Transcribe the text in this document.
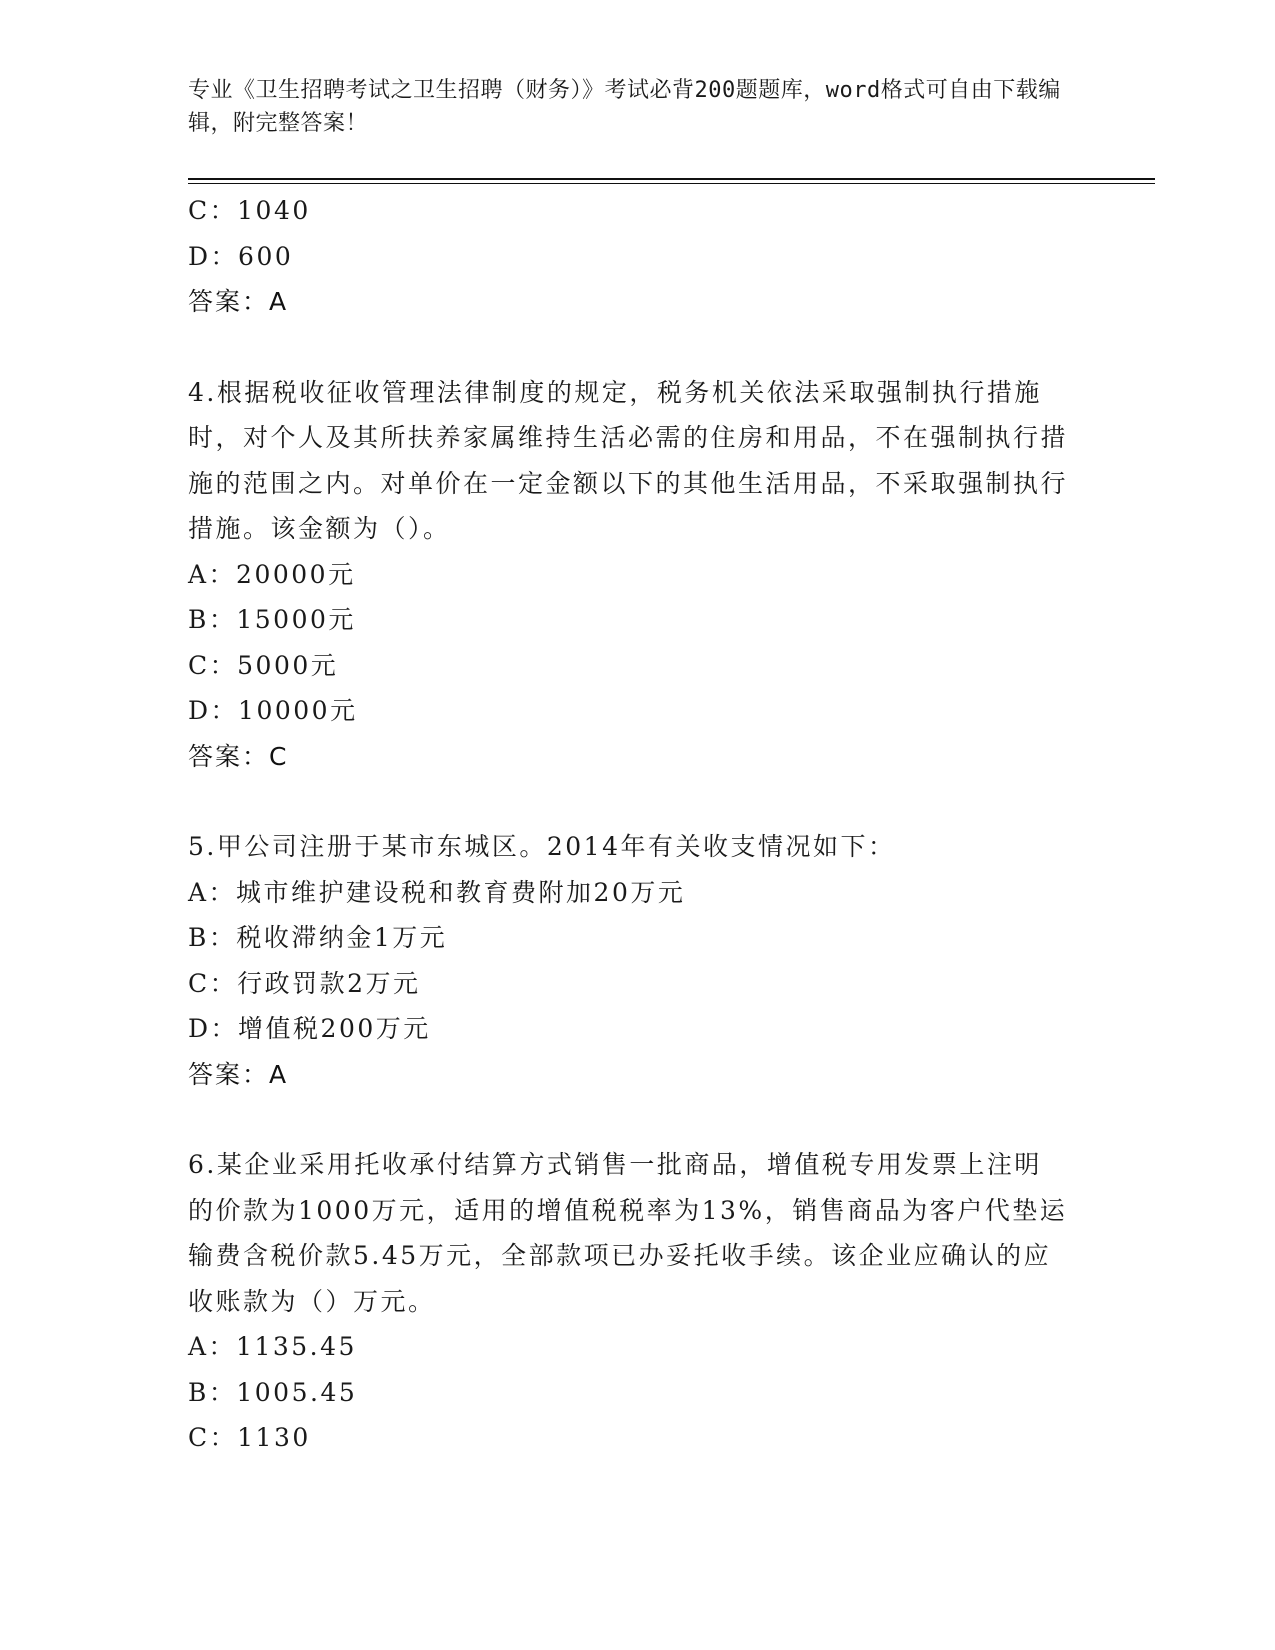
专业《卫生招聘考试之卫生招聘（财务）》考试必背200题题库，word格式可自由下载编辑，附完整答案！
C：1040
D：600
答案：A
4.根据税收征收管理法律制度的规定，税务机关依法采取强制执行措施时，对个人及其所扶养家属维持生活必需的住房和用品，不在强制执行措施的范围之内。对单价在一定金额以下的其他生活用品，不采取强制执行措施。该金额为（）。
A：20000元
B：15000元
C：5000元
D：10000元
答案：C
5.甲公司注册于某市东城区。2014年有关收支情况如下：
A：城市维护建设税和教育费附加20万元
B：税收滞纳金1万元
C：行政罚款2万元
D：增值税200万元
答案：A
6.某企业采用托收承付结算方式销售一批商品，增值税专用发票上注明的价款为1000万元，适用的增值税税率为13%，销售商品为客户代垫运输费含税价款5.45万元，全部款项已办妥托收手续。该企业应确认的应收账款为（）万元。
A：1135.45
B：1005.45
C：1130
